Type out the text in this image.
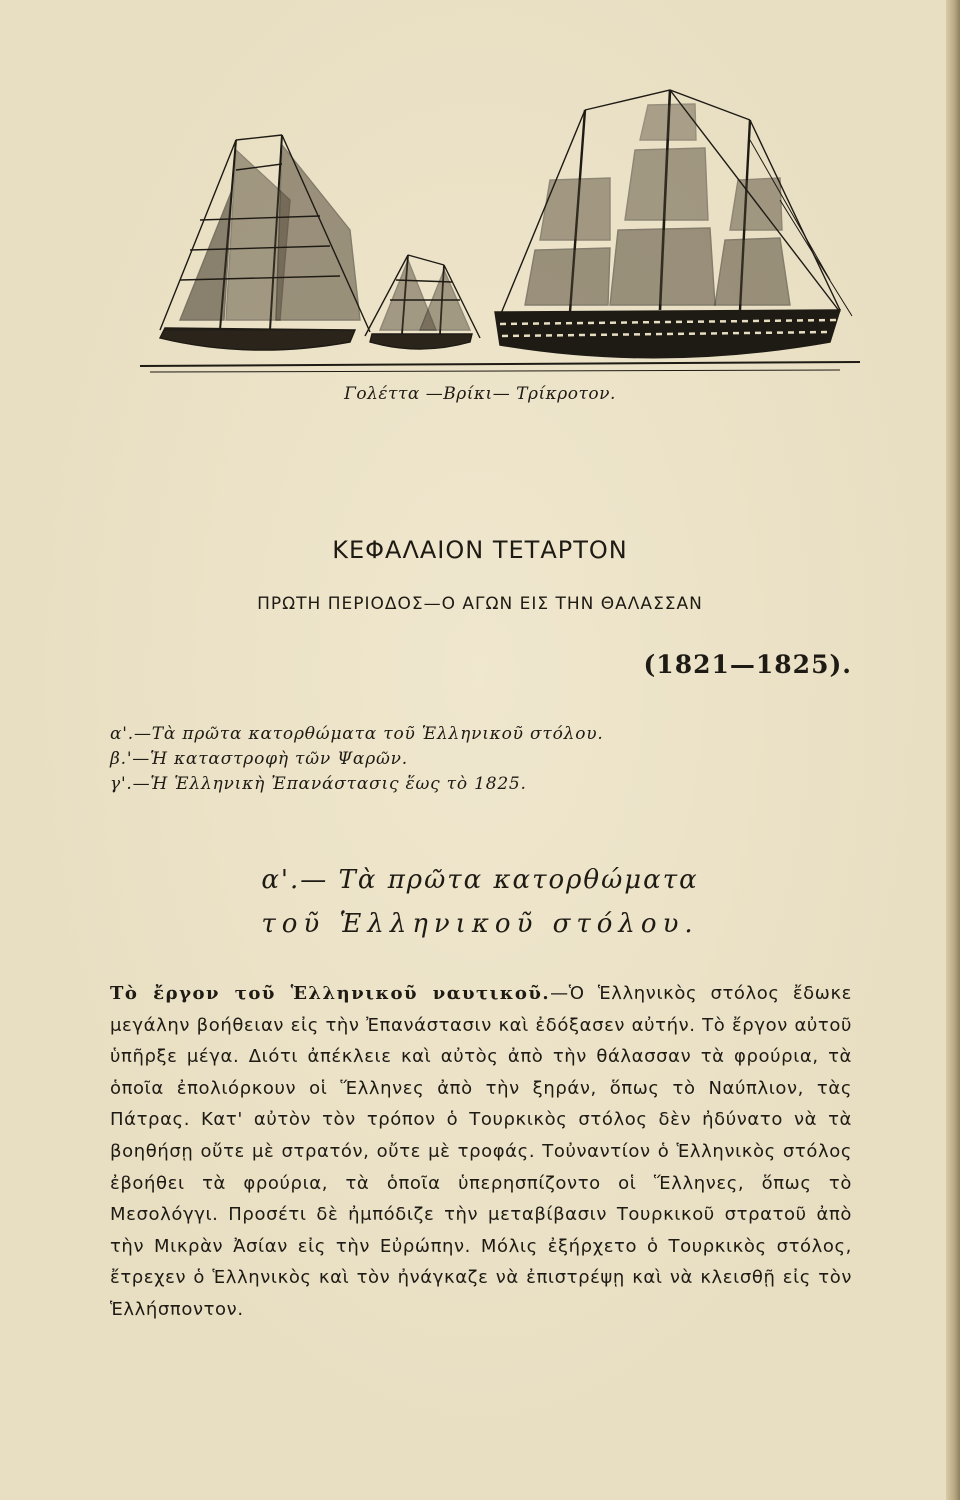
Γολέττα —Βρίκι— Τρίκροτον.
ΚΕΦΑΛΑΙΟΝ ΤΕΤΑΡΤΟΝ
ΠΡΩΤΗ ΠΕΡΙΟΔΟΣ—Ο ΑΓΩΝ ΕΙΣ ΤΗΝ ΘΑΛΑΣΣΑΝ
(1821—1825).
α'.—Τὰ πρῶτα κατορθώματα τοῦ Ἑλληνικοῦ στόλου.
β.'—Ἡ καταστροφὴ τῶν Ψαρῶν.
γ'.—Ἡ Ἑλληνικὴ Ἐπανάστασις ἕως τὸ 1825.
α'.— Τὰ πρῶτα κατορθώματα
τοῦ Ἑλληνικοῦ στόλου.

Τὸ ἔργον τοῦ Ἑλληνικοῦ ναυτικοῦ.—Ὁ Ἑλληνικὸς στόλος ἔδωκε μεγάλην βοήθειαν εἰς τὴν Ἐπανάστασιν καὶ ἐδόξασεν αὐτήν. Τὸ ἔργον αὐτοῦ ὑπῆρξε μέγα. Διότι ἀπέκλειε καὶ αὐτὸς ἀπὸ τὴν θάλασσαν τὰ φρούρια, τὰ ὁποῖα ἐπολιόρκουν οἱ Ἕλληνες ἀπὸ τὴν ξηράν, ὅπως τὸ Ναύπλιον, τὰς Πάτρας. Κατ' αὐτὸν τὸν τρόπον ὁ Τουρκικὸς στόλος δὲν ἠδύνατο νὰ τὰ βοηθήσῃ οὔτε μὲ στρατόν, οὔτε μὲ τροφάς. Τοὐναντίον ὁ Ἑλληνικὸς στόλος ἐβοήθει τὰ φρούρια, τὰ ὁποῖα ὑπερησπίζοντο οἱ Ἕλληνες, ὅπως τὸ Μεσολόγγι. Προσέτι δὲ ἠμπόδιζε τὴν μεταβίβασιν Τουρκικοῦ στρατοῦ ἀπὸ τὴν Μικρὰν Ἀσίαν εἰς τὴν Εὐρώπην. Μόλις ἐξήρχετο ὁ Τουρκικὸς στόλος, ἔτρεχεν ὁ Ἑλληνικὸς καὶ τὸν ἠνάγκαζε νὰ ἐπιστρέψῃ καὶ νὰ κλεισθῇ εἰς τὸν Ἑλλήσποντον.
